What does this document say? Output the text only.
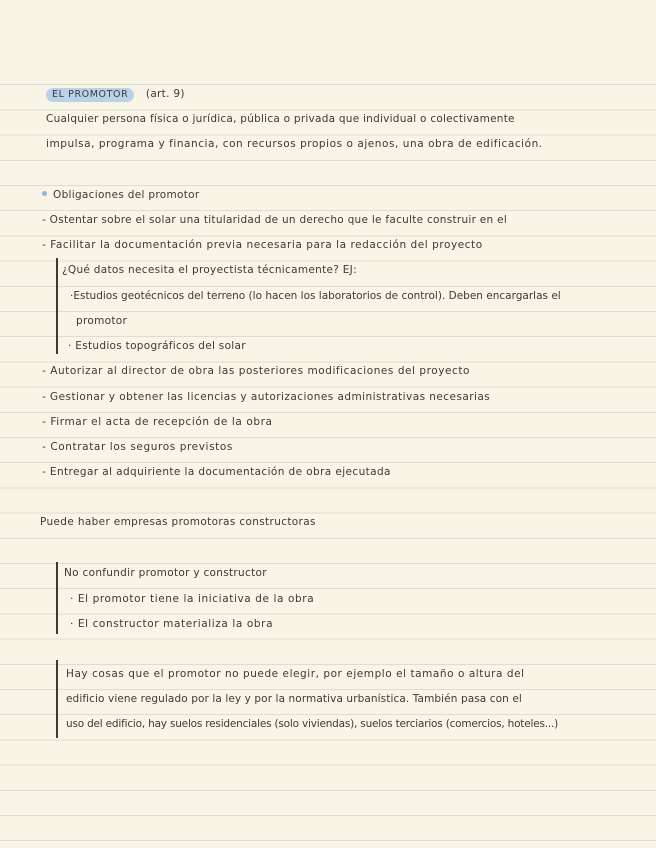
EL PROMOTOR (art. 9)
Cualquier persona física o jurídica, pública o privada que individual o colectivamente
impulsa, programa y financia, con recursos propios o ajenos, una obra de edificación.
Obligaciones del promotor
- Ostentar sobre el solar una titularidad de un derecho que le faculte construir en el
- Facilitar la documentación previa necesaria para la redacción del proyecto
¿Qué datos necesita el proyectista técnicamente? EJ:
·Estudios geotécnicos del terreno (lo hacen los laboratorios de control). Deben encargarlas el
promotor
· Estudios topográficos del solar
- Autorizar al director de obra las posteriores modificaciones del proyecto
- Gestionar y obtener las licencias y autorizaciones administrativas necesarias
- Firmar el acta de recepción de la obra
- Contratar los seguros previstos
- Entregar al adquiriente la documentación de obra ejecutada
Puede haber empresas promotoras constructoras
No confundir promotor y constructor
· El promotor tiene la iniciativa de la obra
· El constructor materializa la obra
Hay cosas que el promotor no puede elegir, por ejemplo el tamaño o altura del
edificio viene regulado por la ley y por la normativa urbanística. También pasa con el
uso del edificio, hay suelos residenciales (solo viviendas), suelos terciarios (comercios, hoteles...)
